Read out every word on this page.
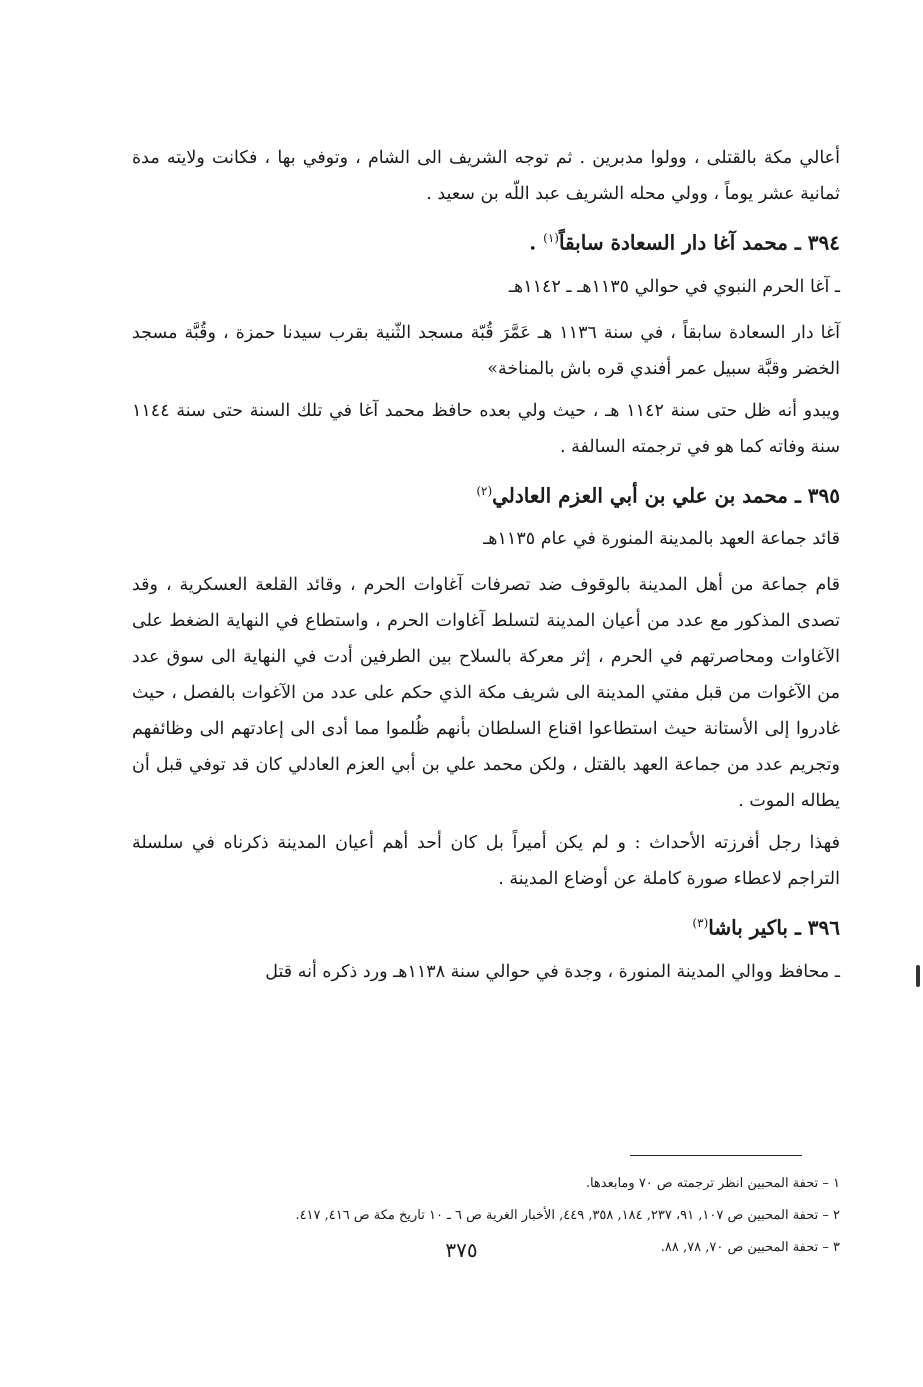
أعالي مكة بالقتلى ، وولوا مدبرين . ثم توجه الشريف الى الشام ، وتوفي بها ، فكانت ولايته مدة ثمانية عشر يوماً ، وولي محله الشريف عبد اللّه بن سعيد .

٣٩٤ ـ محمد آغا دار السعادة سابقاً$^{(١)}$ .
ـ آغا الحرم النبوي في حوالي ١١٣٥هـ ـ ١١٤٢هـ

آغا دار السعادة سابقاً ، في سنة ١١٣٦ هـ عَمَّرَ قُبّة مسجد الثّنية بقرب سيدنا حمزة ، وقُبَّة مسجد الخضر وقبَّة سبيل عمر أفندي قره باش بالمناخة»

ويبدو أنه ظل حتى سنة ١١٤٢ هـ ، حيث ولي بعده حافظ محمد آغا في تلك السنة حتى سنة ١١٤٤ سنة وفاته كما هو في ترجمته السالفة .

٣٩٥ ـ محمد بن علي بن أبي العزم العادلي$^{(٢)}$
قائد جماعة العهد بالمدينة المنورة في عام ١١٣٥هـ

قام جماعة من أهل المدينة بالوقوف ضد تصرفات آغاوات الحرم ، وقائد القلعة العسكرية ، وقد تصدى المذكور مع عدد من أعيان المدينة لتسلط آغاوات الحرم ، واستطاع في النهاية الضغط على الآغاوات ومحاصرتهم في الحرم ، إثر معركة بالسلاح بين الطرفين أدت في النهاية الى سوق عدد من الآغوات من قبل مفتي المدينة الى شريف مكة الذي حكم على عدد من الآغوات بالفصل ، حيث غادروا إلى الأستانة حيث استطاعوا اقناع السلطان بأنهم ظُلموا مما أدى الى إعادتهم الى وظائفهم وتجريم عدد من جماعة العهد بالقتل ، ولكن محمد علي بن أبي العزم العادلي كان قد توفي قبل أن يطاله الموت .

فهذا رجل أفرزته الأحداث : و لم يكن أميراً بل كان أحد أهم أعيان المدينة ذكرناه في سلسلة التراجم لاعطاء صورة كاملة عن أوضاع المدينة .

٣٩٦ ـ باكير باشا$^{(٣)}$

ـ محافظ ووالي المدينة المنورة ، وجدة في حوالي سنة ١١٣٨هـ ورد ذكره أنه قتل

١ – تحفة المحبين انظر ترجمته ص ٧٠ ومابعدها.

٢ – تحفة المحبين ص ١٠٧, ٩١، ٢٣٧, ١٨٤, ٣٥٨, ٤٤٩, الأخبار الغرية ص ٦ ـ ١٠ تاريخ مكة ص ٤١٦, ٤١٧.

٣ – تحفة المحبين ص ٧٠, ٧٨, ٨٨.

٣٧٥
